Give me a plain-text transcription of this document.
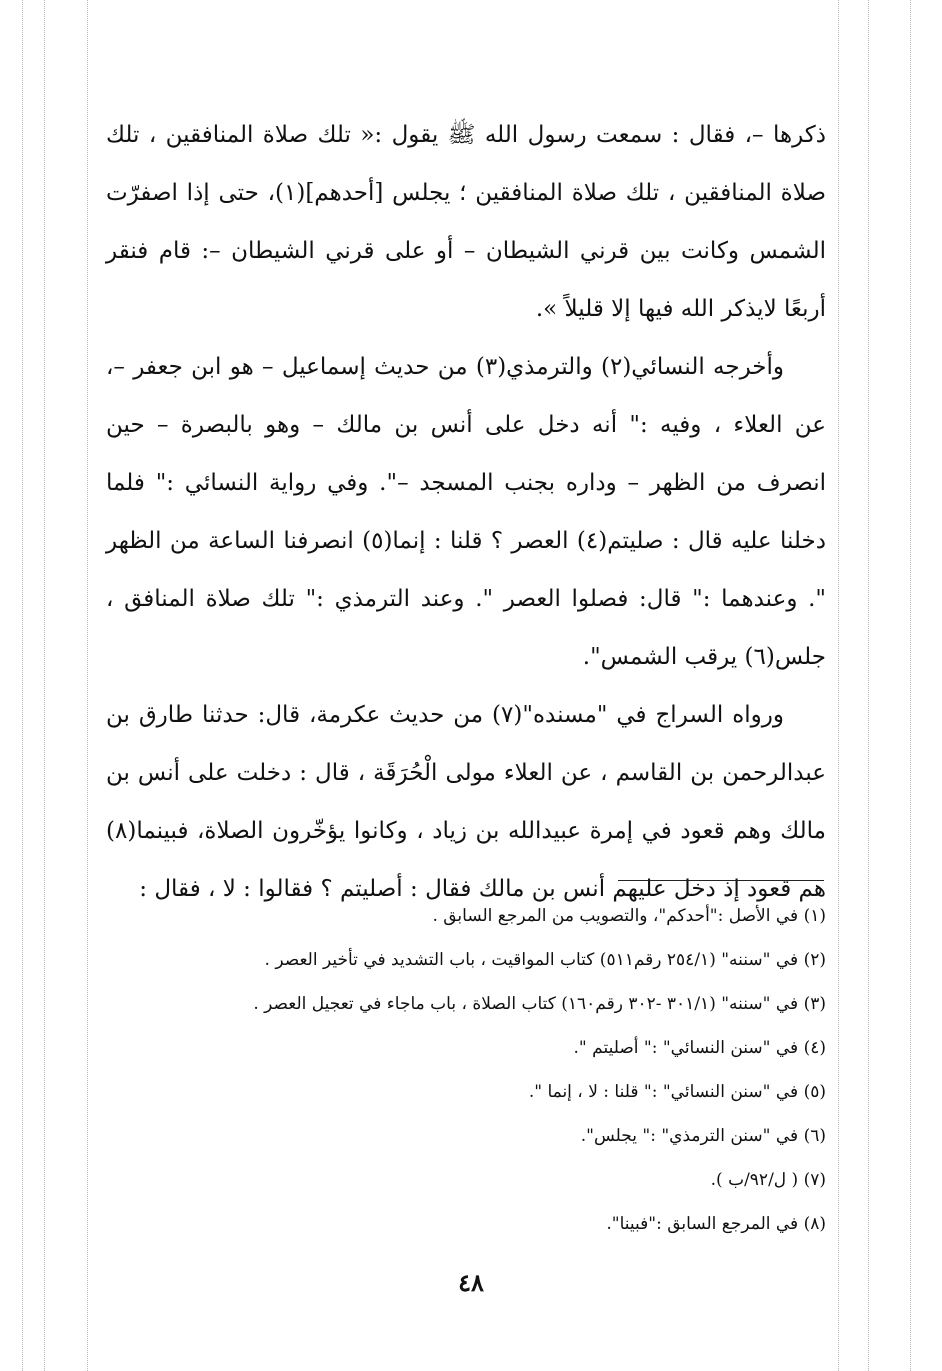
ذكرها –، فقال : سمعت رسول الله ﷺ يقول :« تلك صلاة المنافقين ، تلك صلاة المنافقين ، تلك صلاة المنافقين ؛ يجلس [أحدهم](١)، حتى إذا اصفرّت الشمس وكانت بين قرني الشيطان – أو على قرني الشيطان –: قام فنقر أربعًا لايذكر الله فيها إلا قليلاً ».

وأخرجه النسائي(٢) والترمذي(٣) من حديث إسماعيل – هو ابن جعفر –، عن العلاء ، وفيه :" أنه دخل على أنس بن مالك – وهو بالبصرة – حين انصرف من الظهر – وداره بجنب المسجد –". وفي رواية النسائي :" فلما دخلنا عليه قال : صليتم(٤) العصر ؟ قلنا : إنما(٥) انصرفنا الساعة من الظهر ". وعندهما :" قال: فصلوا العصر ". وعند الترمذي :" تلك صلاة المنافق ، جلس(٦) يرقب الشمس".

ورواه السراج في "مسنده"(٧) من حديث عكرمة، قال: حدثنا طارق بن عبدالرحمن بن القاسم ، عن العلاء مولى الْحُرَقَة ، قال : دخلت على أنس بن مالك وهم قعود في إمرة عبيدالله بن زياد ، وكانوا يؤخّرون الصلاة، فبينما(٨) هم قعود إذ دخل عليهم أنس بن مالك فقال : أصليتم ؟ فقالوا : لا ، فقال :

(١) في الأصل :"أحدكم"، والتصويب من المرجع السابق .
(٢) في "سننه" (٢٥٤/١ رقم٥١١) كتاب المواقيت ، باب التشديد في تأخير العصر .
(٣) في "سننه" (٣٠١/١ -٣٠٢ رقم١٦٠) كتاب الصلاة ، باب ماجاء في تعجيل العصر .
(٤) في "سنن النسائي" :" أصليتم ".
(٥) في "سنن النسائي" :" قلنا : لا ، إنما ".
(٦) في "سنن الترمذي" :" يجلس".
(٧) ( ل/٩٢/ب ).
(٨) في المرجع السابق :"فبينا".
٤٨
